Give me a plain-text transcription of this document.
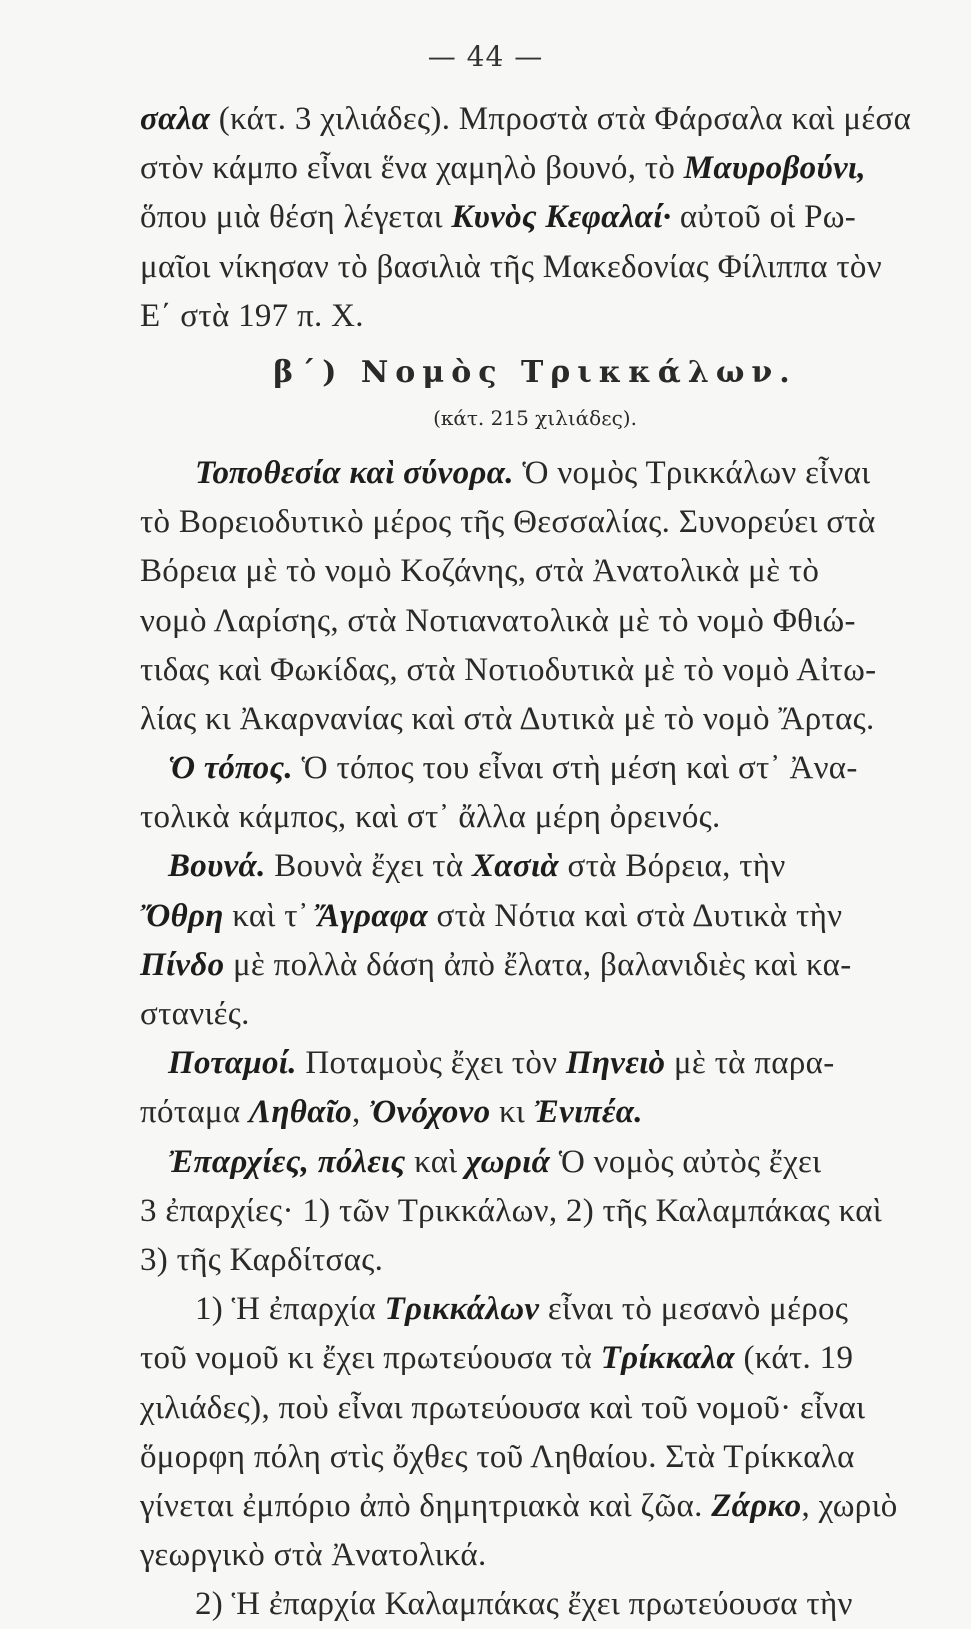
— 44 —
σαλα (κάτ. 3 χιλιάδες). Μπροστὰ στὰ Φάρσαλα καὶ μέσα
στὸν κάμπο εἶναι ἕνα χαμηλὸ βουνό, τὸ Μαυροβούνι,
ὅπου μιὰ θέση λέγεται Κυνὸς Κεφαλαί· αὐτοῦ οἱ Ρω-
μαῖοι νίκησαν τὸ βασιλιὰ τῆς Μακεδονίας Φίλιππα τὸν
Ε΄ στὰ 197 π. Χ.
β΄) Νομὸς Τρικκάλων.
(κάτ. 215 χιλιάδες).
Τοποθεσία καὶ σύνορα. Ὁ νομὸς Τρικκάλων εἶναι
τὸ Βορειοδυτικὸ μέρος τῆς Θεσσαλίας. Συνορεύει στὰ
Βόρεια μὲ τὸ νομὸ Κοζάνης, στὰ Ἀνατολικὰ μὲ τὸ
νομὸ Λαρίσης, στὰ Νοτιανατολικὰ μὲ τὸ νομὸ Φθιώ-
τιδας καὶ Φωκίδας, στὰ Νοτιοδυτικὰ μὲ τὸ νομὸ Αἰτω-
λίας κι Ἀκαρνανίας καὶ στὰ Δυτικὰ μὲ τὸ νομὸ Ἄρτας.
Ὁ τόπος. Ὁ τόπος του εἶναι στὴ μέση καὶ στ᾽ Ἀνα-
τολικὰ κάμπος, καὶ στ᾽ ἄλλα μέρη ὀρεινός.
Βουνά. Βουνὰ ἔχει τὰ Χασιὰ στὰ Βόρεια, τὴν
Ὄθρη καὶ τ᾽ Ἄγραφα στὰ Νότια καὶ στὰ Δυτικὰ τὴν
Πίνδο μὲ πολλὰ δάση ἀπὸ ἔλατα, βαλανιδιὲς καὶ κα-
στανιές.
Ποταμοί. Ποταμοὺς ἔχει τὸν Πηνειὸ μὲ τὰ παρα-
πόταμα Ληθαῖο, Ὀνόχονο κι Ἐνιπέα.
Ἐπαρχίες, πόλεις καὶ χωριά Ὁ νομὸς αὐτὸς ἔχει
3 ἐπαρχίες· 1) τῶν Τρικκάλων, 2) τῆς Καλαμπάκας καὶ
3) τῆς Καρδίτσας.
1) Ἡ ἐπαρχία Τρικκάλων εἶναι τὸ μεσανὸ μέρος
τοῦ νομοῦ κι ἔχει πρωτεύουσα τὰ Τρίκκαλα (κάτ. 19
χιλιάδες), ποὺ εἶναι πρωτεύουσα καὶ τοῦ νομοῦ· εἶναι
ὅμορφη πόλη στὶς ὄχθες τοῦ Ληθαίου. Στὰ Τρίκκαλα
γίνεται ἐμπόριο ἀπὸ δημητριακὰ καὶ ζῶα. Ζάρκο, χωριὸ
γεωργικὸ στὰ Ἀνατολικά.
2) Ἡ ἐπαρχία Καλαμπάκας ἔχει πρωτεύουσα τὴν
